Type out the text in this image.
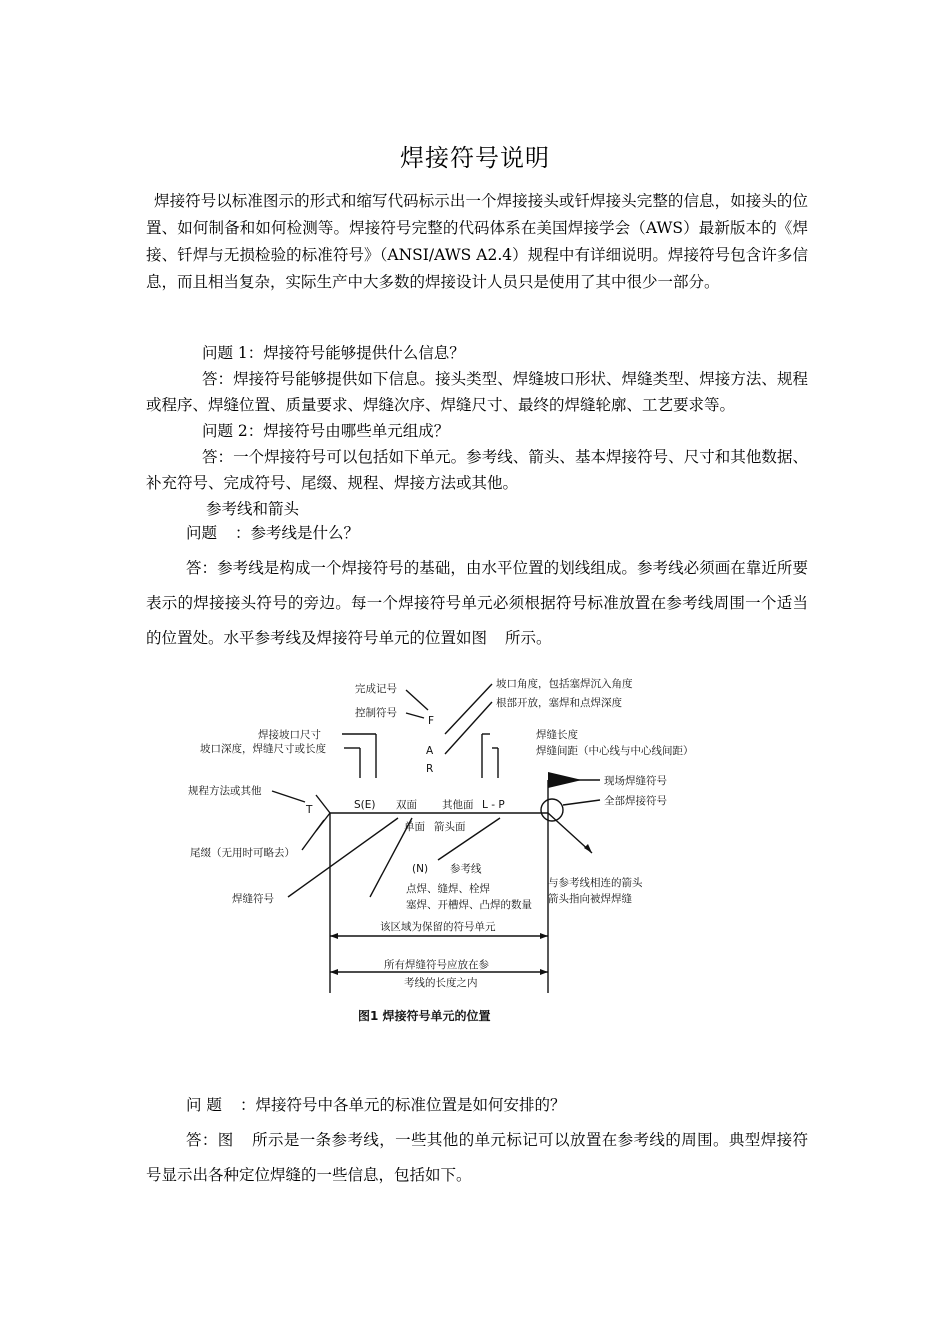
焊接符号说明

焊接符号以标准图示的形式和缩写代码标示出一个焊接接头或钎焊接头完整的信息，如接头的位置、如何制备和如何检测等。焊接符号完整的代码体系在美国焊接学会（AWS）最新版本的《焊接、钎焊与无损检验的标准符号》（ANSI/AWS A2.4）规程中有详细说明。焊接符号包含许多信息，而且相当复杂，实际生产中大多数的焊接设计人员只是使用了其中很少一部分。

问题 1：焊接符号能够提供什么信息？

答：焊接符号能够提供如下信息。接头类型、焊缝坡口形状、焊缝类型、焊接方法、规程或程序、焊缝位置、质量要求、焊缝次序、焊缝尺寸、最终的焊缝轮廓、工艺要求等。

问题 2：焊接符号由哪些单元组成？

答：一个焊接符号可以包括如下单元。参考线、箭头、基本焊接符号、尺寸和其他数据、补充符号、完成符号、尾缀、规程、焊接方法或其他。

参考线和箭头

问题 ：参考线是什么？

答：参考线是构成一个焊接符号的基础，由水平位置的划线组成。参考线必须画在靠近所要表示的焊接接头符号的旁边。每一个焊接符号单元必须根据符号标准放置在参考线周围一个适当的位置处。水平参考线及焊接符号单元的位置如图 所示。

完成记号
控制符号
坡口角度，包括塞焊沉入角度
根部开放，塞焊和点焊深度
焊接坡口尺寸
坡口深度，焊缝尺寸或长度
焊缝长度
焊缝间距（中心线与中心线间距）
现场焊缝符号
全部焊接符号
规程方法或其他
尾缀（无用时可略去）
焊缝符号
F
A
R
T	S(E)	L - P
双面 其他面
单面 箭头面
(N) 参考线
点焊、缝焊、栓焊
塞焊、开槽焊、凸焊的数量
与参考线相连的箭头
箭头指向被焊焊缝
该区域为保留的符号单元
所有焊缝符号应放在参
考线的长度之内
图1 焊接符号单元的位置

问 题 ：焊接符号中各单元的标准位置是如何安排的？

答：图 所示是一条参考线，一些其他的单元标记可以放置在参考线的周围。典型焊接符号显示出各种定位焊缝的一些信息，包括如下。
